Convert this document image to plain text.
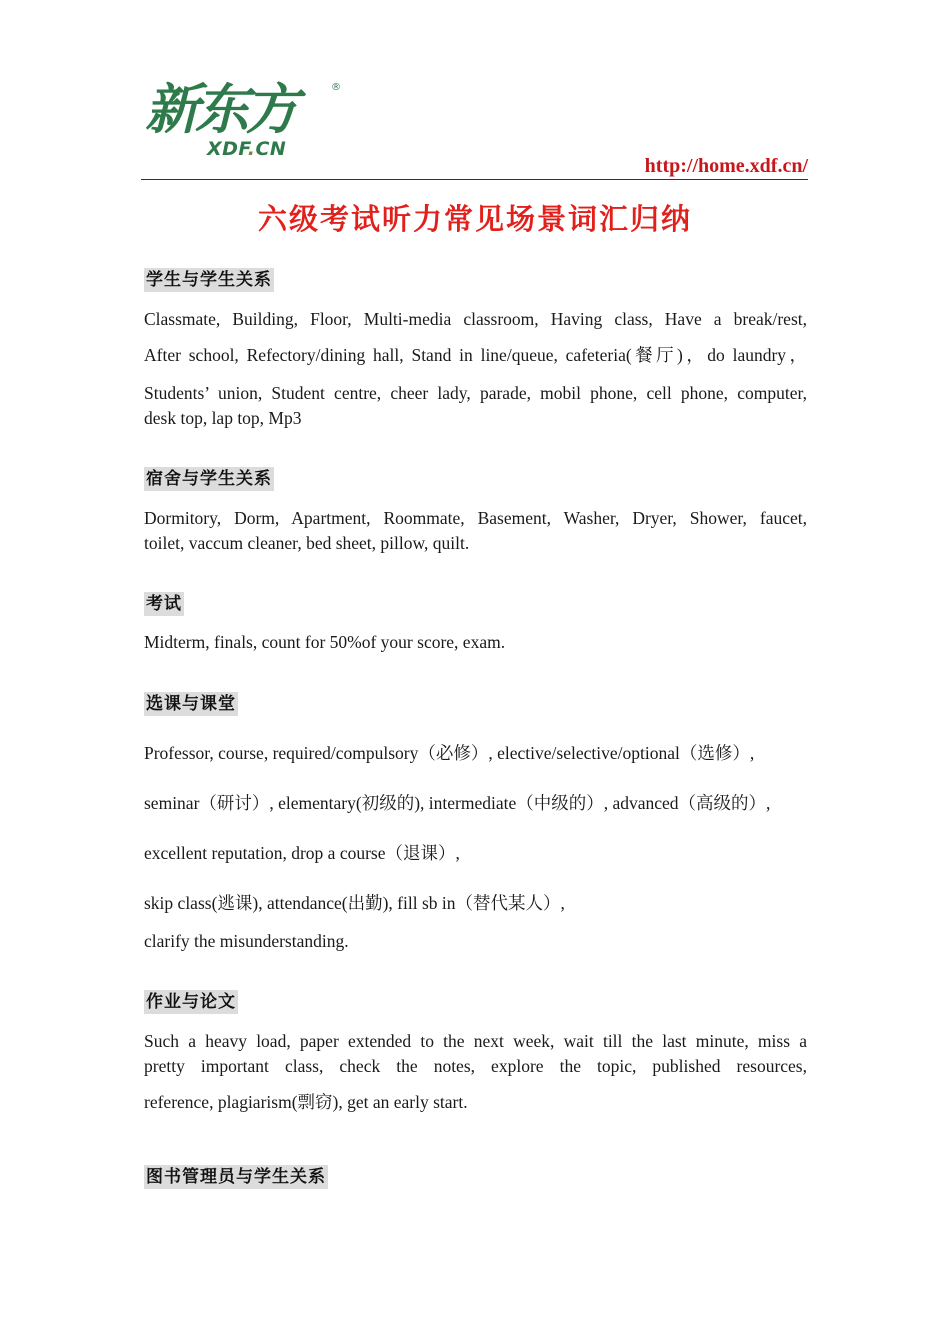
新东方	®
XDF.CN
http://home.xdf.cn/
六级考试听力常见场景词汇归纳
学生与学生关系
Classmate, Building, Floor, Multi-media classroom, Having class, Have a break/rest,
After school, Refectory/dining hall, Stand in line/queue, cafeteria(餐厅)，do laundry，
Students’ union, Student centre, cheer lady, parade, mobil phone, cell phone, computer,
desk top, lap top, Mp3
宿舍与学生关系
Dormitory, Dorm, Apartment, Roommate, Basement, Washer, Dryer, Shower, faucet,
toilet, vaccum cleaner, bed sheet, pillow, quilt.
考试
Midterm, finals, count for 50%of your score, exam.
选课与课堂
Professor, course, required/compulsory（必修）, elective/selective/optional（选修）,
seminar（研讨）, elementary(初级的), intermediate（中级的）, advanced（高级的）,
excellent reputation, drop a course（退课）,
skip class(逃课), attendance(出勤), fill sb in（替代某人）,
clarify the misunderstanding.
作业与论文
Such a heavy load, paper extended to the next week, wait till the last minute, miss a
pretty important class, check the notes, explore the topic, published resources,
reference, plagiarism(剽窃), get an early start.
图书管理员与学生关系
